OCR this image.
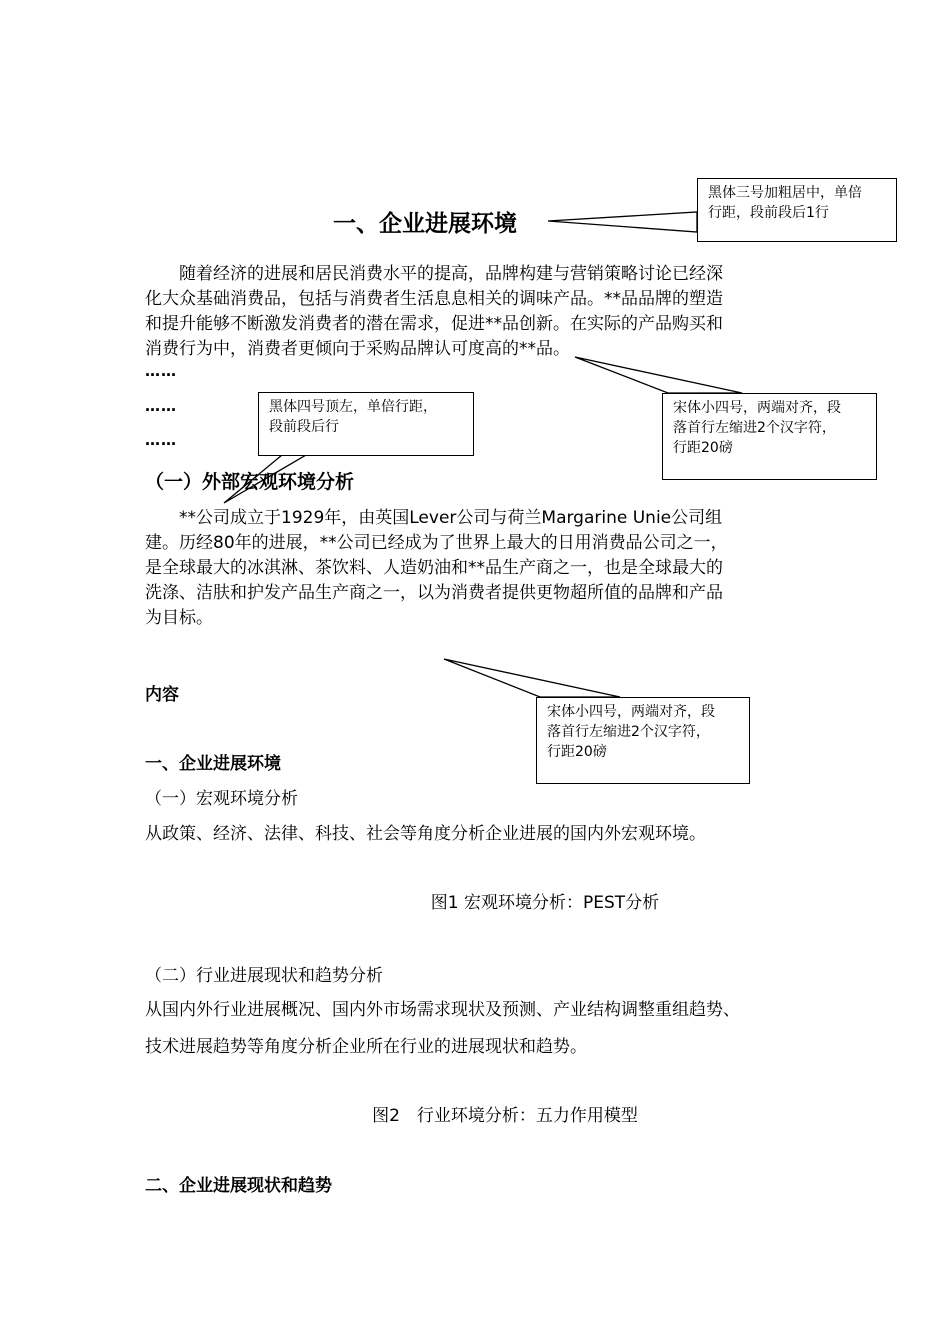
一、企业进展环境
黑体三号加粗居中，单倍
行距，段前段后1行
　　随着经济的进展和居民消费水平的提高，品牌构建与营销策略讨论已经深
化大众基础消费品，包括与消费者生活息息相关的调味产品。**品品牌的塑造
和提升能够不断激发消费者的潜在需求，促进**品创新。在实际的产品购买和
消费行为中，消费者更倾向于采购品牌认可度高的**品。
……
……
……
黑体四号顶左，单倍行距，
段前段后行
宋体小四号，两端对齐，段
落首行左缩进2个汉字符，
行距20磅
（一）外部宏观环境分析
　　**公司成立于1929年，由英国Lever公司与荷兰Margarine Unie公司组
建。历经80年的进展，**公司已经成为了世界上最大的日用消费品公司之一，
是全球最大的冰淇淋、茶饮料、人造奶油和**品生产商之一，也是全球最大的
洗涤、洁肤和护发产品生产商之一，以为消费者提供更物超所值的品牌和产品
为目标。
内容
宋体小四号，两端对齐，段
落首行左缩进2个汉字符，
行距20磅
一、企业进展环境
（一）宏观环境分析
从政策、经济、法律、科技、社会等角度分析企业进展的国内外宏观环境。
图1 宏观环境分析：PEST分析
（二）行业进展现状和趋势分析
从国内外行业进展概况、国内外市场需求现状及预测、产业结构调整重组趋势、
技术进展趋势等角度分析企业所在行业的进展现状和趋势。
图2　行业环境分析：五力作用模型
二、企业进展现状和趋势
